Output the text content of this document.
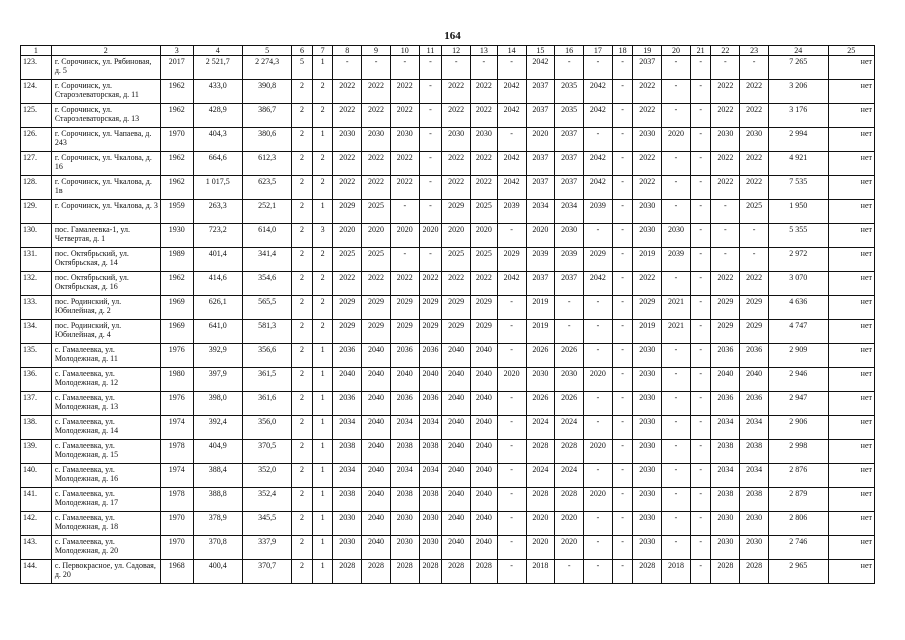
164
1	2	3	4	5	6	7	8	9	10	11	12	13	14	15	16	17	18	19	20	21	22	23	24	25
123.	г. Сорочинск, ул. Рябиновая, д. 5	2017	2 521,7	2 274,3	5	1	-	-	-	-	-	-	-	2042	-	-	-	2037	-	-	-	-	7 265	нет
124.	г. Сорочинск, ул. Староэлеваторская, д. 11	1962	433,0	390,8	2	2	2022	2022	2022	-	2022	2022	2042	2037	2035	2042	-	2022	-	-	2022	2022	3 206	нет
125.	г. Сорочинск, ул. Староэлеваторская, д. 13	1962	428,9	386,7	2	2	2022	2022	2022	-	2022	2022	2042	2037	2035	2042	-	2022	-	-	2022	2022	3 176	нет
126.	г. Сорочинск, ул. Чапаева, д. 243	1970	404,3	380,6	2	1	2030	2030	2030	-	2030	2030	-	2020	2037	-	-	2030	2020	-	2030	2030	2 994	нет
127.	г. Сорочинск, ул. Чкалова, д. 16	1962	664,6	612,3	2	2	2022	2022	2022	-	2022	2022	2042	2037	2037	2042	-	2022	-	-	2022	2022	4 921	нет
128.	г. Сорочинск, ул. Чкалова, д. 1в	1962	1 017,5	623,5	2	2	2022	2022	2022	-	2022	2022	2042	2037	2037	2042	-	2022	-	-	2022	2022	7 535	нет
129.	г. Сорочинск, ул. Чкалова, д. 3	1959	263,3	252,1	2	1	2029	2025	-	-	2029	2025	2039	2034	2034	2039	-	2030	-	-	-	2025	1 950	нет
130.	пос. Гамалеевка-1, ул. Четвертая, д. 1	1930	723,2	614,0	2	3	2020	2020	2020	2020	2020	2020	-	2020	2030	-	-	2030	2030	-	-	-	5 355	нет
131.	пос. Октябрьский, ул. Октябрьская, д. 14	1989	401,4	341,4	2	2	2025	2025	-	-	2025	2025	2029	2039	2039	2029	-	2019	2039	-	-	-	2 972	нет
132.	пос. Октябрьский, ул. Октябрьская, д. 16	1962	414,6	354,6	2	2	2022	2022	2022	2022	2022	2022	2042	2037	2037	2042	-	2022	-	-	2022	2022	3 070	нет
133.	пос. Родинский, ул. Юбилейная, д. 2	1969	626,1	565,5	2	2	2029	2029	2029	2029	2029	2029	-	2019	-	-	-	2029	2021	-	2029	2029	4 636	нет
134.	пос. Родинский, ул. Юбилейная, д. 4	1969	641,0	581,3	2	2	2029	2029	2029	2029	2029	2029	-	2019	-	-	-	2019	2021	-	2029	2029	4 747	нет
135.	с. Гамалеевка, ул. Молодежная, д. 11	1976	392,9	356,6	2	1	2036	2040	2036	2036	2040	2040	-	2026	2026	-	-	2030	-	-	2036	2036	2 909	нет
136.	с. Гамалеевка, ул. Молодежная, д. 12	1980	397,9	361,5	2	1	2040	2040	2040	2040	2040	2040	2020	2030	2030	2020	-	2030	-	-	2040	2040	2 946	нет
137.	с. Гамалеевка, ул. Молодежная, д. 13	1976	398,0	361,6	2	1	2036	2040	2036	2036	2040	2040	-	2026	2026	-	-	2030	-	-	2036	2036	2 947	нет
138.	с. Гамалеевка, ул. Молодежная, д. 14	1974	392,4	356,0	2	1	2034	2040	2034	2034	2040	2040	-	2024	2024	-	-	2030	-	-	2034	2034	2 906	нет
139.	с. Гамалеевка, ул. Молодежная, д. 15	1978	404,9	370,5	2	1	2038	2040	2038	2038	2040	2040	-	2028	2028	2020	-	2030	-	-	2038	2038	2 998	нет
140.	с. Гамалеевка, ул. Молодежная, д. 16	1974	388,4	352,0	2	1	2034	2040	2034	2034	2040	2040	-	2024	2024	-	-	2030	-	-	2034	2034	2 876	нет
141.	с. Гамалеевка, ул. Молодежная, д. 17	1978	388,8	352,4	2	1	2038	2040	2038	2038	2040	2040	-	2028	2028	2020	-	2030	-	-	2038	2038	2 879	нет
142.	с. Гамалеевка, ул. Молодежная, д. 18	1970	378,9	345,5	2	1	2030	2040	2030	2030	2040	2040	-	2020	2020	-	-	2030	-	-	2030	2030	2 806	нет
143.	с. Гамалеевка, ул. Молодежная, д. 20	1970	370,8	337,9	2	1	2030	2040	2030	2030	2040	2040	-	2020	2020	-	-	2030	-	-	2030	2030	2 746	нет
144.	с. Первокрасное, ул. Садовая, д. 20	1968	400,4	370,7	2	1	2028	2028	2028	2028	2028	2028	-	2018	-	-	-	2028	2018	-	2028	2028	2 965	нет
